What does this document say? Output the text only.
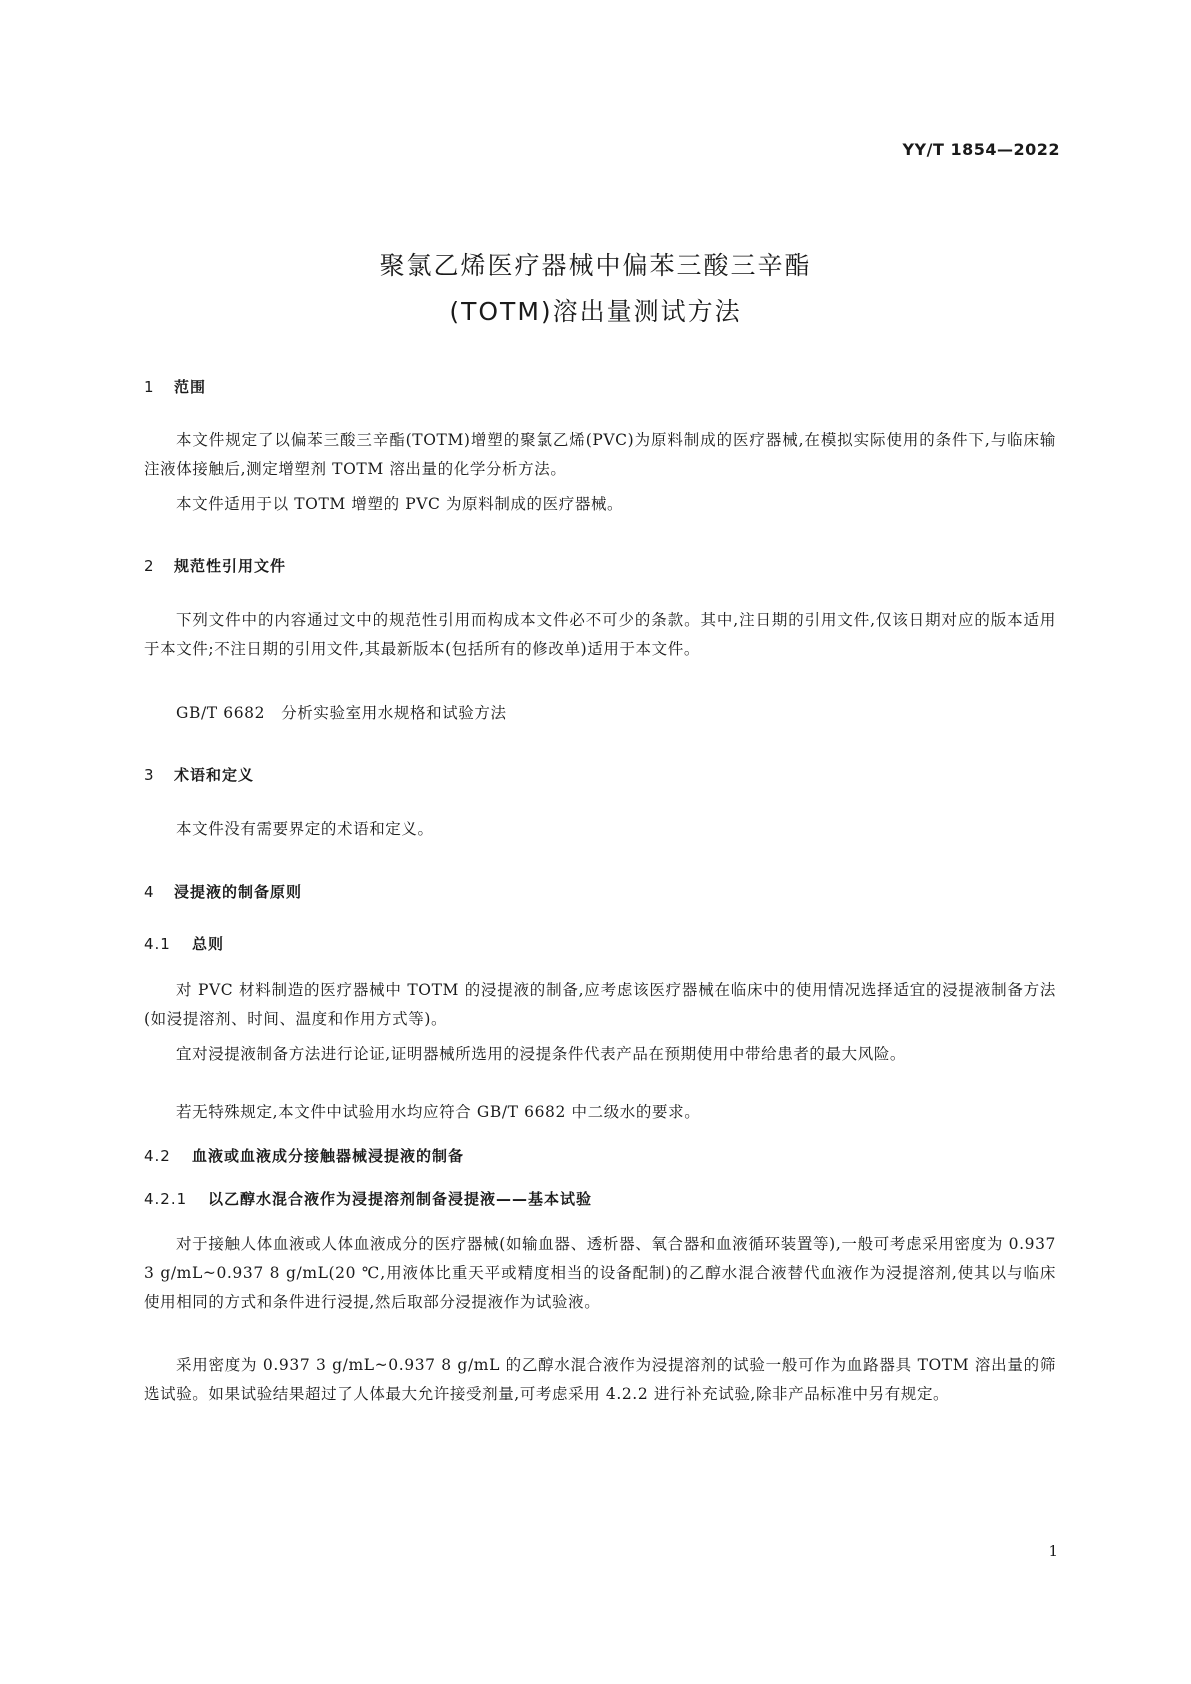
YY/T 1854—2022
聚氯乙烯医疗器械中偏苯三酸三辛酯
(TOTM)溶出量测试方法
1 范围

本文件规定了以偏苯三酸三辛酯(TOTM)增塑的聚氯乙烯(PVC)为原料制成的医疗器械,在模拟实际使用的条件下,与临床输注液体接触后,测定增塑剂 TOTM 溶出量的化学分析方法。

本文件适用于以 TOTM 增塑的 PVC 为原料制成的医疗器械。

2 规范性引用文件

下列文件中的内容通过文中的规范性引用而构成本文件必不可少的条款。其中,注日期的引用文件,仅该日期对应的版本适用于本文件;不注日期的引用文件,其最新版本(包括所有的修改单)适用于本文件。

GB/T 6682　分析实验室用水规格和试验方法

3 术语和定义

本文件没有需要界定的术语和定义。

4 浸提液的制备原则
4.1 总则

对 PVC 材料制造的医疗器械中 TOTM 的浸提液的制备,应考虑该医疗器械在临床中的使用情况选择适宜的浸提液制备方法(如浸提溶剂、时间、温度和作用方式等)。

宜对浸提液制备方法进行论证,证明器械所选用的浸提条件代表产品在预期使用中带给患者的最大风险。

若无特殊规定,本文件中试验用水均应符合 GB/T 6682 中二级水的要求。

4.2 血液或血液成分接触器械浸提液的制备
4.2.1 以乙醇水混合液作为浸提溶剂制备浸提液——基本试验

对于接触人体血液或人体血液成分的医疗器械(如输血器、透析器、氧合器和血液循环装置等),一般可考虑采用密度为 0.937 3 g/mL~0.937 8 g/mL(20 ℃,用液体比重天平或精度相当的设备配制)的乙醇水混合液替代血液作为浸提溶剂,使其以与临床使用相同的方式和条件进行浸提,然后取部分浸提液作为试验液。

采用密度为 0.937 3 g/mL~0.937 8 g/mL 的乙醇水混合液作为浸提溶剂的试验一般可作为血路器具 TOTM 溶出量的筛选试验。如果试验结果超过了人体最大允许接受剂量,可考虑采用 4.2.2 进行补充试验,除非产品标准中另有规定。

1
